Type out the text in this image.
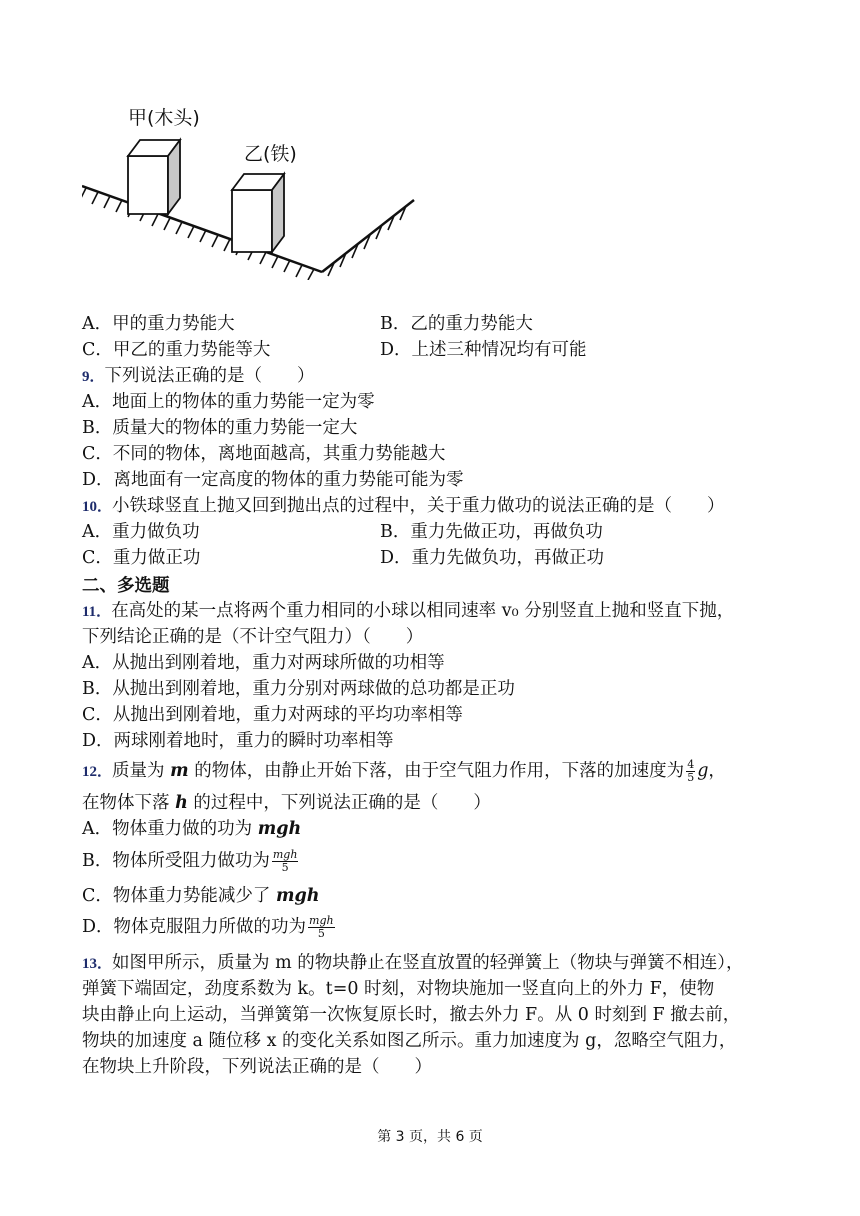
甲(木头)
乙(铁)
A．甲的重力势能大	B．乙的重力势能大
C．甲乙的重力势能等大	D．上述三种情况均有可能
9．下列说法正确的是（　　）
A．地面上的物体的重力势能一定为零
B．质量大的物体的重力势能一定大
C．不同的物体，离地面越高，其重力势能越大
D．离地面有一定高度的物体的重力势能可能为零
10．小铁球竖直上抛又回到抛出点的过程中，关于重力做功的说法正确的是（　　）
A．重力做负功	B．重力先做正功，再做负功
C．重力做正功	D．重力先做负功，再做正功
二、多选题
11．在高处的某一点将两个重力相同的小球以相同速率 v₀ 分别竖直上抛和竖直下抛，
下列结论正确的是（不计空气阻力）（　　）
A．从抛出到刚着地，重力对两球所做的功相等
B．从抛出到刚着地，重力分别对两球做的总功都是正功
C．从抛出到刚着地，重力对两球的平均功率相等
D．两球刚着地时，重力的瞬时功率相等
12．质量为 m 的物体，由静止开始下落，由于空气阻力作用，下落的加速度为 $\frac{4}{5}$ g，
在物体下落 h 的过程中，下列说法正确的是（　　）
A．物体重力做的功为 mgh
B．物体所受阻力做功为 $\frac{\text{mgh}}{5}$
C．物体重力势能减少了 mgh
D．物体克服阻力所做的功为 $\frac{\text{mgh}}{5}$
13．如图甲所示，质量为 m 的物块静止在竖直放置的轻弹簧上（物块与弹簧不相连），
弹簧下端固定，劲度系数为 k。t=0 时刻，对物块施加一竖直向上的外力 F，使物
块由静止向上运动，当弹簧第一次恢复原长时，撤去外力 F。从 0 时刻到 F 撤去前，
物块的加速度 a 随位移 x 的变化关系如图乙所示。重力加速度为 g，忽略空气阻力，
在物块上升阶段，下列说法正确的是（　　）
第 3 页，共 6 页
